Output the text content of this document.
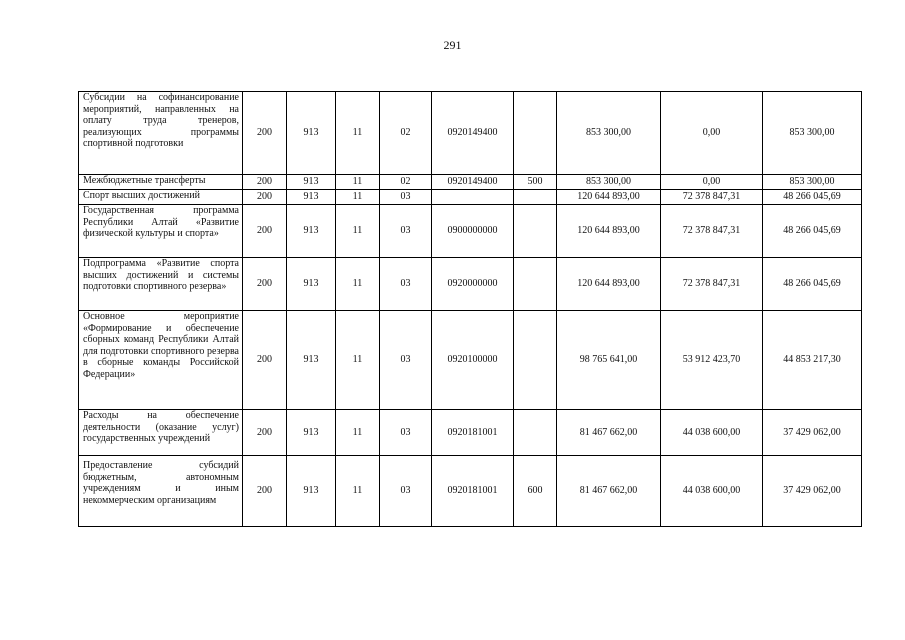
291
Субсидии на софинансирование мероприятий, направленных на оплату труда тренеров, реализующих программы спортивной подготовки	200	913	11	02	0920149400		853 300,00	0,00	853 300,00
Межбюджетные трансферты	200	913	11	02	0920149400	500	853 300,00	0,00	853 300,00
Спорт высших достижений	200	913	11	03			120 644 893,00	72 378 847,31	48 266 045,69
Государственная программа Республики Алтай «Развитие физической культуры и спорта»	200	913	11	03	0900000000		120 644 893,00	72 378 847,31	48 266 045,69
Подпрограмма «Развитие спорта высших достижений и системы подготовки спортивного резерва»	200	913	11	03	0920000000		120 644 893,00	72 378 847,31	48 266 045,69
Основное мероприятие «Формирование и обеспечение сборных команд Республики Алтай для подготовки спортивного резерва в сборные команды Российской Федерации»	200	913	11	03	0920100000		98 765 641,00	53 912 423,70	44 853 217,30
Расходы на обеспечение деятельности (оказание услуг) государственных учреждений	200	913	11	03	0920181001		81 467 662,00	44 038 600,00	37 429 062,00
Предоставление субсидий бюджетным, автономным учреждениям и иным некоммерческим организациям	200	913	11	03	0920181001	600	81 467 662,00	44 038 600,00	37 429 062,00
